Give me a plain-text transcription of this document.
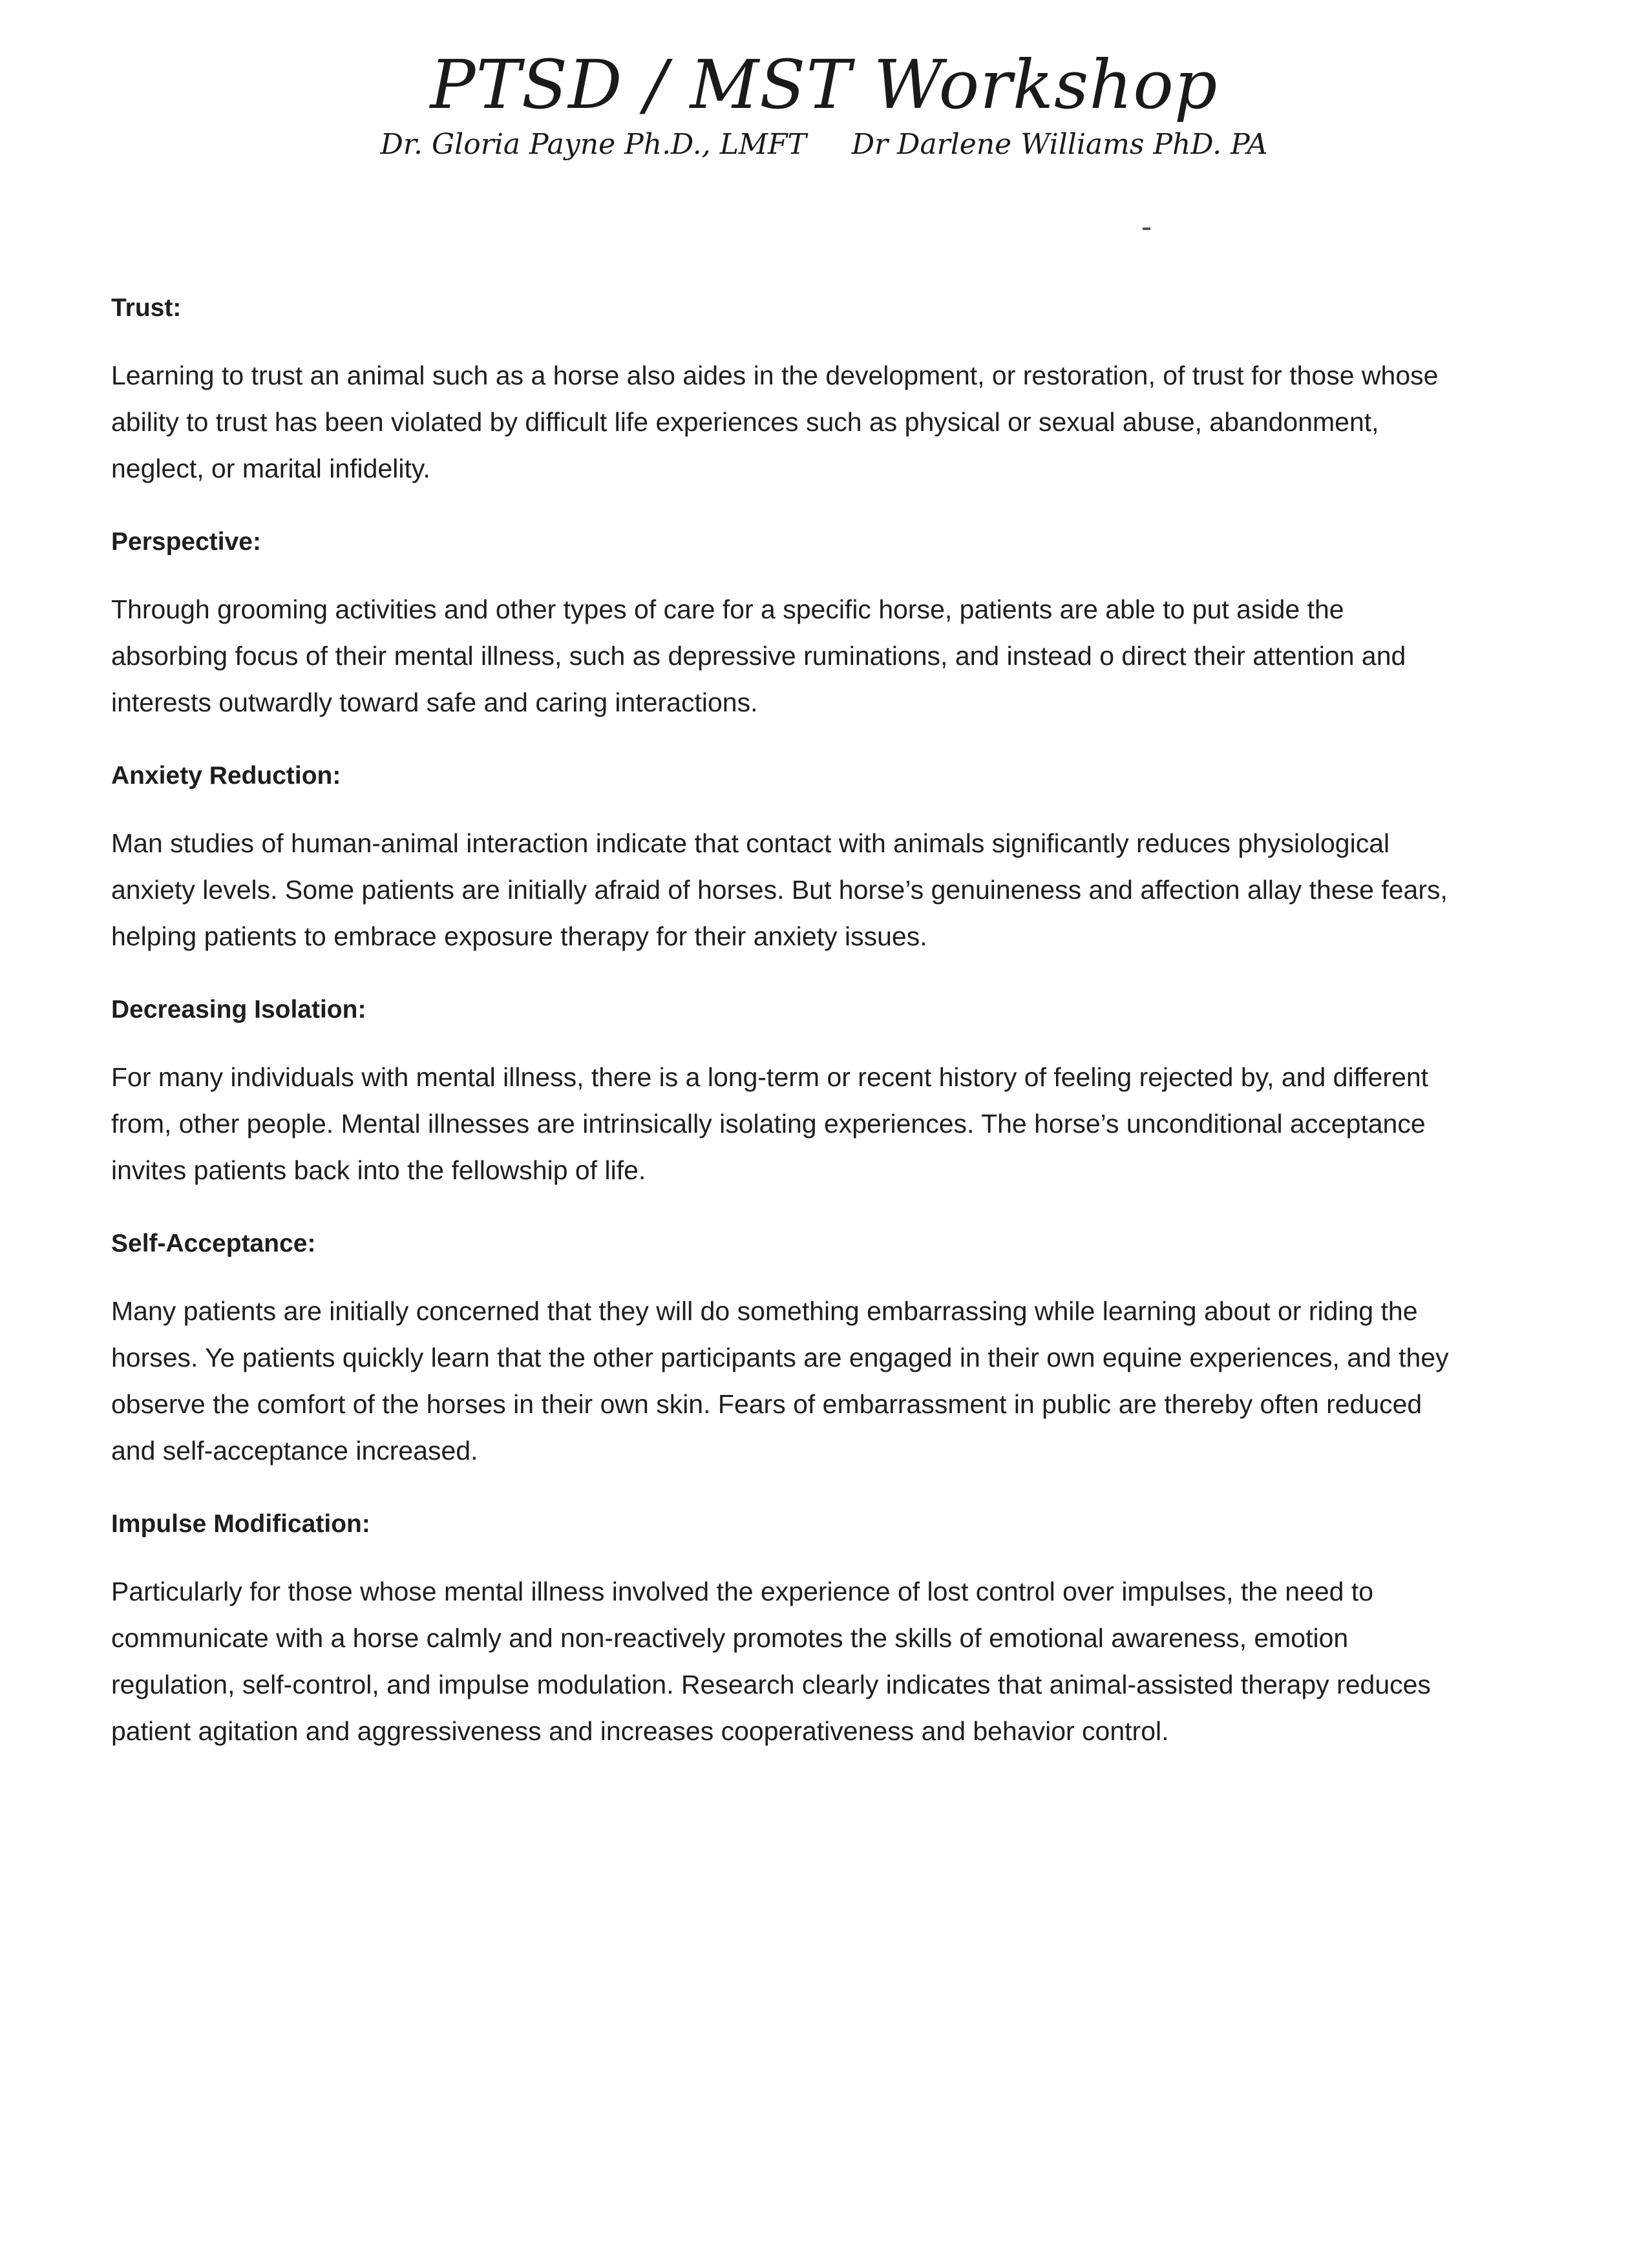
PTSD / MST Workshop
Dr. Gloria Payne Ph.D., LMFT Dr Darlene Williams PhD. PA
Trust:

Learning to trust an animal such as a horse also aides in the development, or restoration, of trust for those whose ability to trust has been violated by difficult life experiences such as physical or sexual abuse, abandonment, neglect, or marital infidelity.

Perspective:

Through grooming activities and other types of care for a specific horse, patients are able to put aside the absorbing focus of their mental illness, such as depressive ruminations, and instead o direct their attention and interests outwardly toward safe and caring interactions.

Anxiety Reduction:

Man studies of human-animal interaction indicate that contact with animals significantly reduces physiological anxiety levels. Some patients are initially afraid of horses. But horse’s genuineness and affection allay these fears, helping patients to embrace exposure therapy for their anxiety issues.

Decreasing Isolation:

For many individuals with mental illness, there is a long-term or recent history of feeling rejected by, and different from, other people. Mental illnesses are intrinsically isolating experiences. The horse’s unconditional acceptance invites patients back into the fellowship of life.

Self-Acceptance:

Many patients are initially concerned that they will do something embarrassing while learning about or riding the horses. Ye patients quickly learn that the other participants are engaged in their own equine experiences, and they observe the comfort of the horses in their own skin. Fears of embarrassment in public are thereby often reduced and self-acceptance increased.

Impulse Modification:

Particularly for those whose mental illness involved the experience of lost control over impulses, the need to communicate with a horse calmly and non-reactively promotes the skills of emotional awareness, emotion regulation, self-control, and impulse modulation. Research clearly indicates that animal-assisted therapy reduces patient agitation and aggressiveness and increases cooperativeness and behavior control.
